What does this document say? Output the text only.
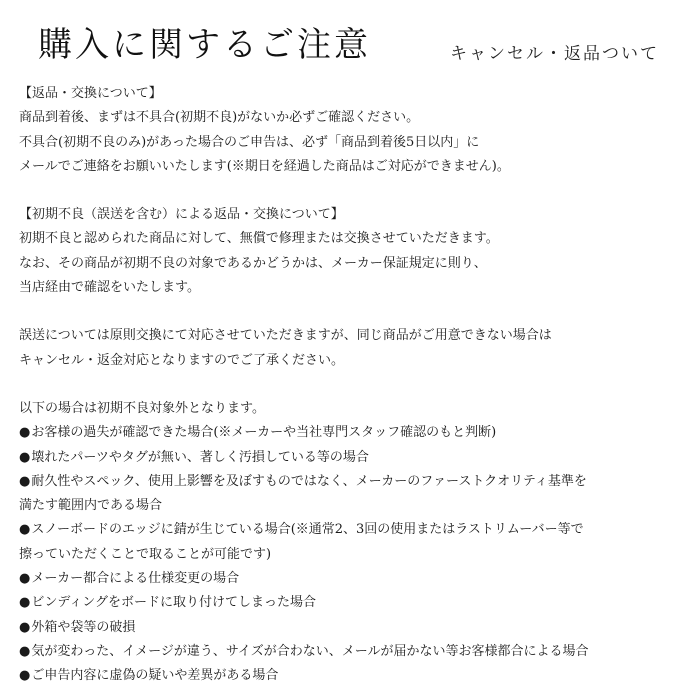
購入に関するご注意	キャンセル・返品ついて
【返品・交換について】
商品到着後、まずは不具合(初期不良)がないか必ずご確認ください。
不具合(初期不良のみ)があった場合のご申告は、必ず「商品到着後5日以内」に
メールでご連絡をお願いいたします(※期日を経過した商品はご対応ができません)。
【初期不良（誤送を含む）による返品・交換について】
初期不良と認められた商品に対して、無償で修理または交換させていただきます。
なお、その商品が初期不良の対象であるかどうかは、メーカー保証規定に則り、
当店経由で確認をいたします。
誤送については原則交換にて対応させていただきますが、同じ商品がご用意できない場合は
キャンセル・返金対応となりますのでご了承ください。
以下の場合は初期不良対象外となります。
● お客様の過失が確認できた場合(※メーカーや当社専門スタッフ確認のもと判断)
● 壊れたパーツやタグが無い、著しく汚損している等の場合
● 耐久性やスペック、使用上影響を及ぼすものではなく、メーカーのファーストクオリティ基準を
満たす範囲内である場合
● スノーボードのエッジに錆が生じている場合(※通常2、3回の使用またはラストリムーバー等で
擦っていただくことで取ることが可能です)
● メーカー都合による仕様変更の場合
● ビンディングをボードに取り付けてしまった場合
● 外箱や袋等の破損
● 気が変わった、イメージが違う、サイズが合わない、メールが届かない等お客様都合による場合
● ご申告内容に虚偽の疑いや差異がある場合
